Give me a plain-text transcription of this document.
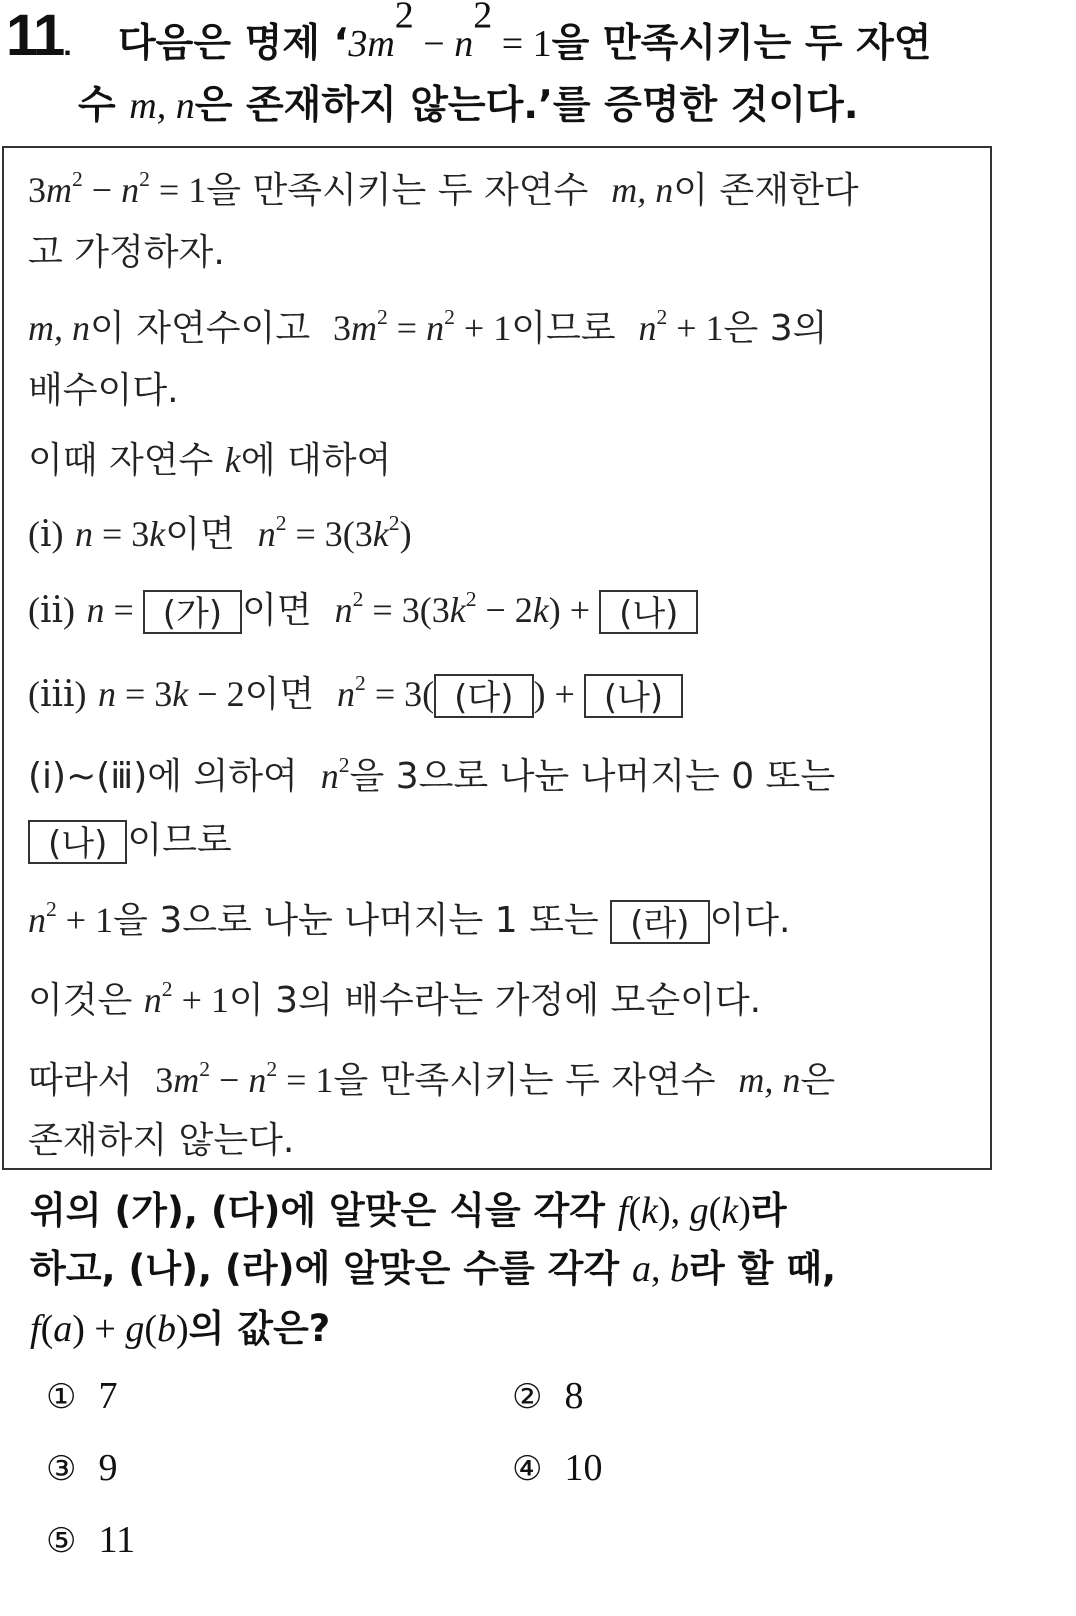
11. 다음은 명제 ‘$3m^2 - n^2 = 1$을 만족시키는 두 자연
수 m, n은 존재하지 않는다.’를 증명한 것이다.
$3m^2 - n^2 = 1$을 만족시키는 두 자연수 m, n이 존재한다
고 가정하자.
m, n이 자연수이고 $3m^2 = n^2 + 1$이므로 $n^2 + 1$은 3의
배수이다.
이때 자연수 k에 대하여
(ⅰ) n = 3k이면 $n^2 = 3(3k^2)$
(ⅱ) n = (가) 이면 $n^2 = 3(3k^2 - 2k)$ + (나)
(ⅲ) n = 3k − 2이면 $n^2 = 3$( (다) ) + (나)
(ⅰ)~(ⅲ)에 의하여 $n^2$을 3으로 나눈 나머지는 0 또는
(나) 이므로
$n^2 + 1$을 3으로 나눈 나머지는 1 또는 (라) 이다.
이것은 $n^2 + 1$이 3의 배수라는 가정에 모순이다.
따라서 $3m^2 - n^2 = 1$을 만족시키는 두 자연수 m, n은
존재하지 않는다.
위의 (가), (다)에 알맞은 식을 각각 f(k), g(k)라
하고, (나), (라)에 알맞은 수를 각각 a, b라 할 때,
f(a) + g(b)의 값은?
① 7	② 8
③ 9	④ 10
⑤ 11
